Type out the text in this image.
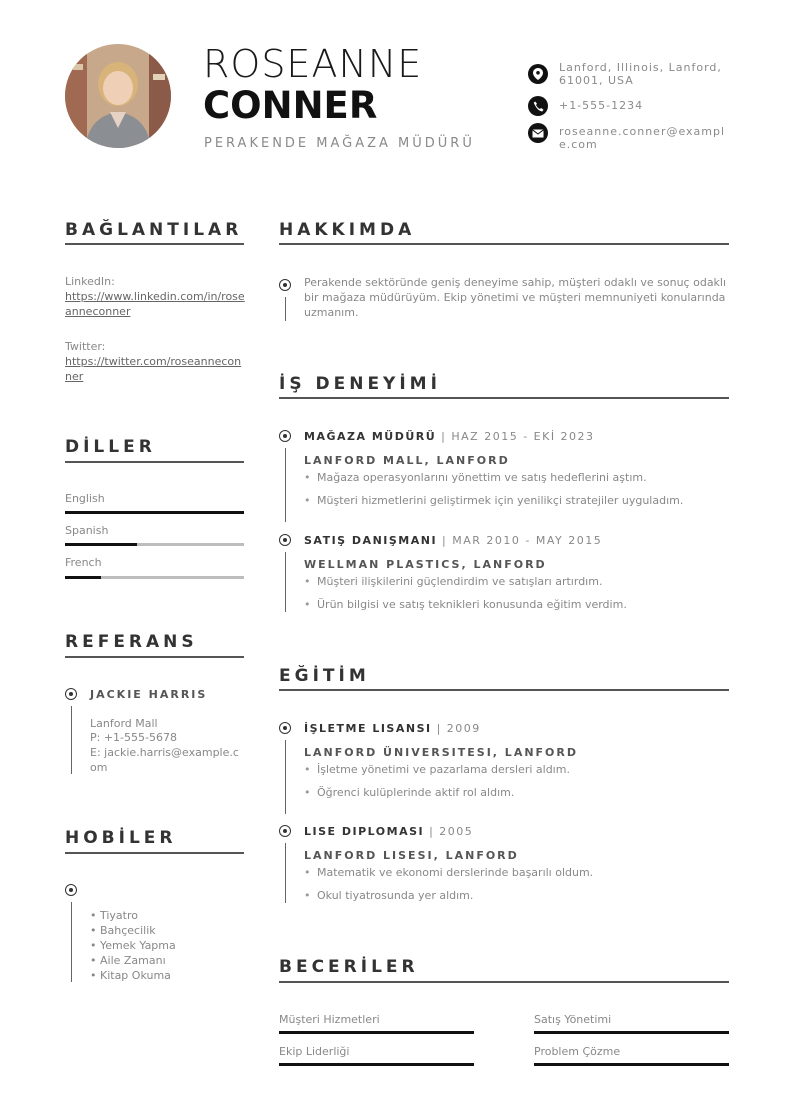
ROSEANNE
CONNER
PERAKENDE MAĞAZA MÜDÜRÜ
Lanford, Illinois, Lanford, 61001, USA
+1-555-1234
roseanne.conner@example.com
BAĞLANTILAR
LinkedIn:
https://www.linkedin.com/in/roseanneconner
Twitter:
https://twitter.com/roseanneconner
DİLLER
English
Spanish
French
REFERANS
JACKIE HARRIS
Lanford Mall
P: +1-555-5678
E: jackie.harris@example.com
HOBİLER
• Tiyatro
• Bahçecilik
• Yemek Yapma
• Aile Zamanı
• Kitap Okuma
HAKKIMDA
Perakende sektöründe geniş deneyime sahip, müşteri odaklı ve sonuç odaklı bir mağaza müdürüyüm. Ekip yönetimi ve müşteri memnuniyeti konularında uzmanım.
İŞ DENEYİMİ
MAĞAZA MÜDÜRÜ | HAZ 2015 - EKİ 2023
LANFORD MALL, LANFORD
• Mağaza operasyonlarını yönettim ve satış hedeflerini aştım.
• Müşteri hizmetlerini geliştirmek için yenilikçi stratejiler uyguladım.
SATIŞ DANIŞMANI | MAR 2010 - MAY 2015
WELLMAN PLASTICS, LANFORD
• Müşteri ilişkilerini güçlendirdim ve satışları artırdım.
• Ürün bilgisi ve satış teknikleri konusunda eğitim verdim.
EĞİTİM
İŞLETME LISANSI | 2009
LANFORD ÜNIVERSITESI, LANFORD
• İşletme yönetimi ve pazarlama dersleri aldım.
• Öğrenci kulüplerinde aktif rol aldım.
LISE DIPLOMASI | 2005
LANFORD LISESI, LANFORD
• Matematik ve ekonomi derslerinde başarılı oldum.
• Okul tiyatrosunda yer aldım.
BECERİLER
Müşteri Hizmetleri	Satış Yönetimi
Ekip Liderliği	Problem Çözme
